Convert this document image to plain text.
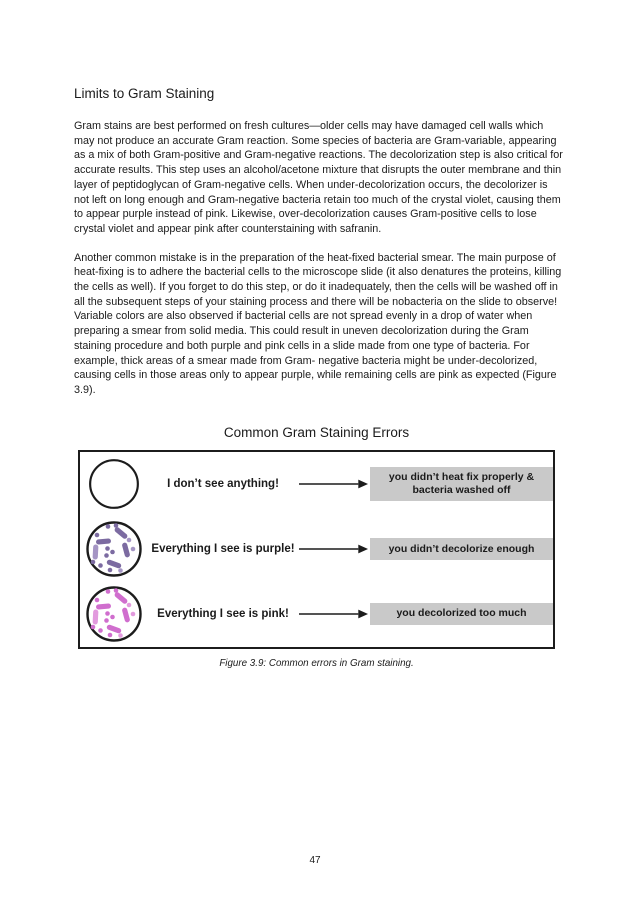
Limits to Gram Staining

Gram stains are best performed on fresh cultures—older cells may have damaged cell walls which may not produce an accurate Gram reaction. Some species of bacteria are Gram-variable, appearing as a mix of both Gram-positive and Gram-negative reactions. The decolorization step is also critical for accurate results. This step uses an alcohol/acetone mixture that disrupts the outer membrane and thin layer of peptidoglycan of Gram-negative cells. When under-decolorization occurs, the decolorizer is not left on long enough and Gram-negative bacteria retain too much of the crystal violet, causing them to appear purple instead of pink. Likewise, over-decolorization causes Gram-positive cells to lose crystal violet and appear pink after counterstaining with safranin.

Another common mistake is in the preparation of the heat-fixed bacterial smear. The main purpose of heat-fixing is to adhere the bacterial cells to the microscope slide (it also denatures the proteins, killing the cells as well). If you forget to do this step, or do it inadequately, then the cells will be washed off in all the subsequent steps of your staining process and there will be nobacteria on the slide to observe! Variable colors are also observed if bacterial cells are not spread evenly in a drop of water when preparing a smear from solid media. This could result in uneven decolorization during the Gram staining procedure and both purple and pink cells in a slide made from one type of bacteria. For example, thick areas of a smear made from Gram- negative bacteria might be under-decolorized, causing cells in those areas only to appear purple, while remaining cells are pink as expected (Figure 3.9).

Common Gram Staining Errors
I don’t see anything!
you didn’t heat fix properly & bacteria washed off
Everything I see is purple!	you didn’t decolorize enough
Everything I see is pink!	you decolorized too much
Figure 3.9: Common errors in Gram staining.
47
